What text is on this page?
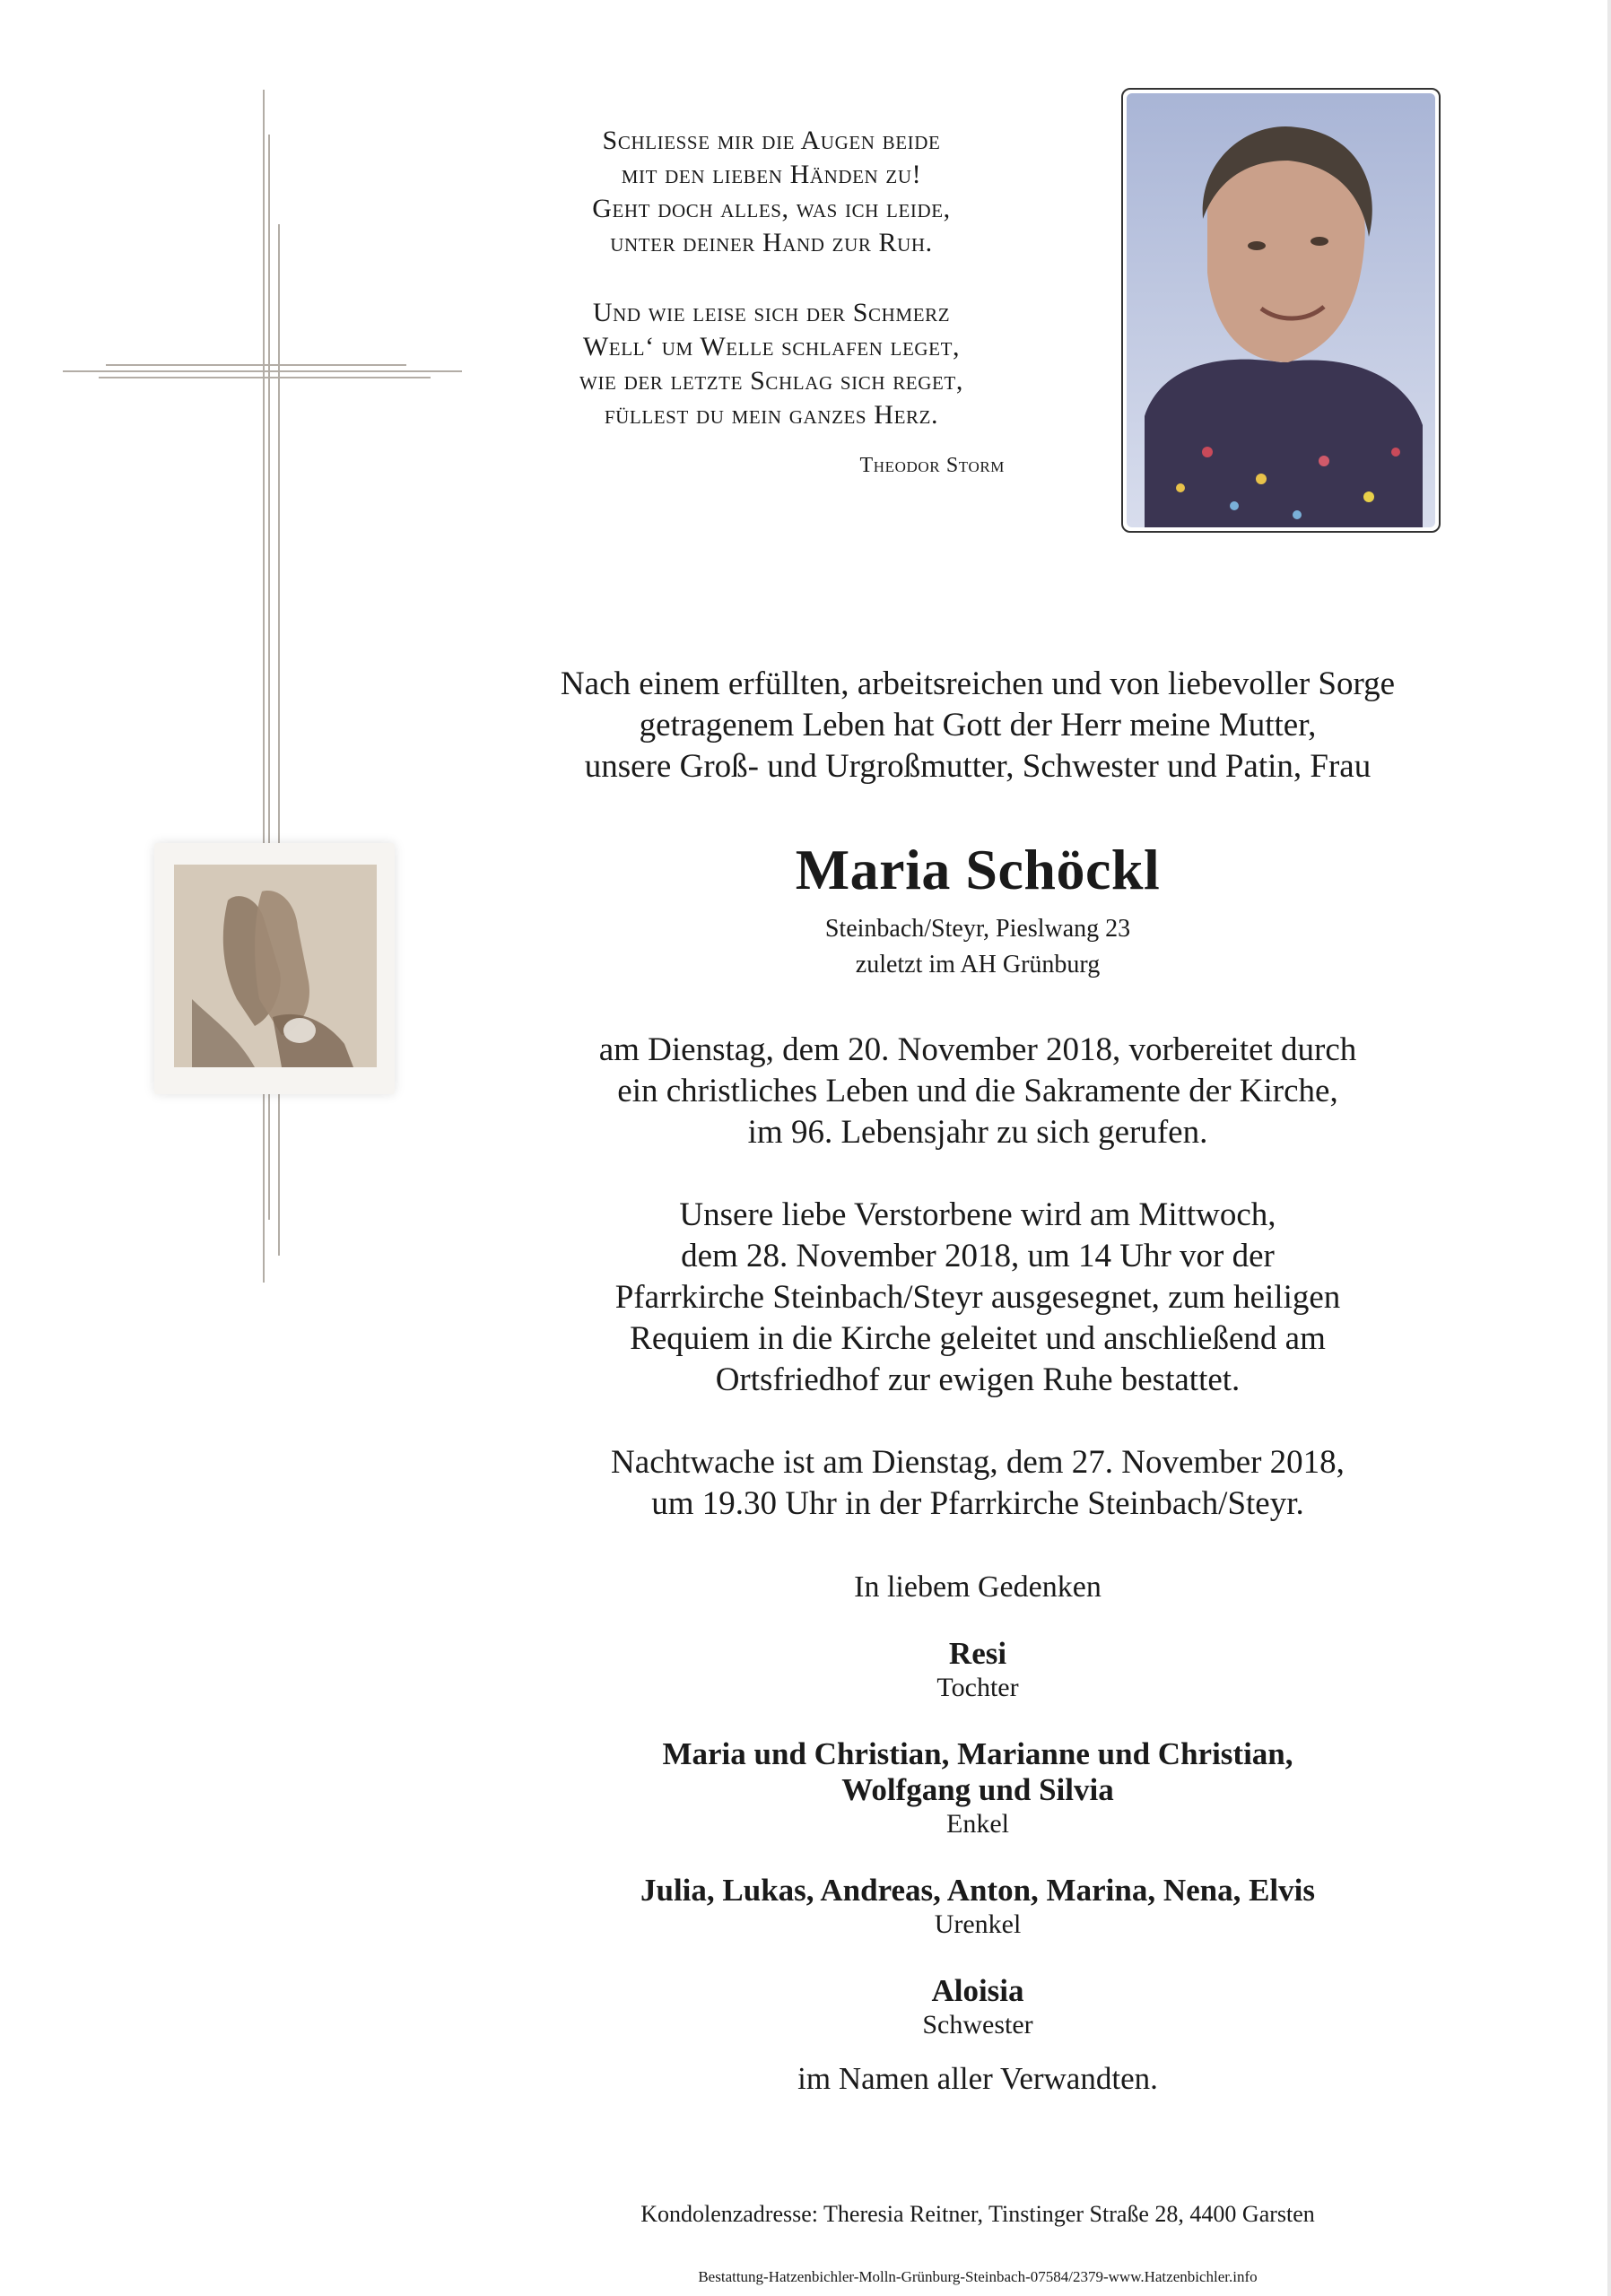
Schliesse mir die Augen beide
mit den lieben Händen zu!
Geht doch alles, was ich leide,
unter deiner Hand zur Ruh.
Und wie leise sich der Schmerz
Well‘ um Welle schlafen leget,
wie der letzte Schlag sich reget,
füllest du mein ganzes Herz.
Theodor Storm
Nach einem erfüllten, arbeitsreichen und von liebevoller Sorge
getragenem Leben hat Gott der Herr meine Mutter,
unsere Groß- und Urgroßmutter, Schwester und Patin, Frau
Maria Schöckl
Steinbach/Steyr, Pieslwang 23
zuletzt im AH Grünburg
am Dienstag, dem 20. November 2018, vorbereitet durch
ein christliches Leben und die Sakramente der Kirche,
im 96. Lebensjahr zu sich gerufen.
Unsere liebe Verstorbene wird am Mittwoch,
dem 28. November 2018, um 14 Uhr vor der
Pfarrkirche Steinbach/Steyr ausgesegnet, zum heiligen
Requiem in die Kirche geleitet und anschließend am
Ortsfriedhof zur ewigen Ruhe bestattet.
Nachtwache ist am Dienstag, dem 27. November 2018,
um 19.30 Uhr in der Pfarrkirche Steinbach/Steyr.
In liebem Gedenken
Resi
Tochter
Maria und Christian, Marianne und Christian,
Wolfgang und Silvia
Enkel
Julia, Lukas, Andreas, Anton, Marina, Nena, Elvis
Urenkel
Aloisia
Schwester
im Namen aller Verwandten.
Kondolenzadresse: Theresia Reitner, Tinstinger Straße 28, 4400 Garsten
Bestattung-Hatzenbichler-Molln-Grünburg-Steinbach-07584/2379-www.Hatzenbichler.info
